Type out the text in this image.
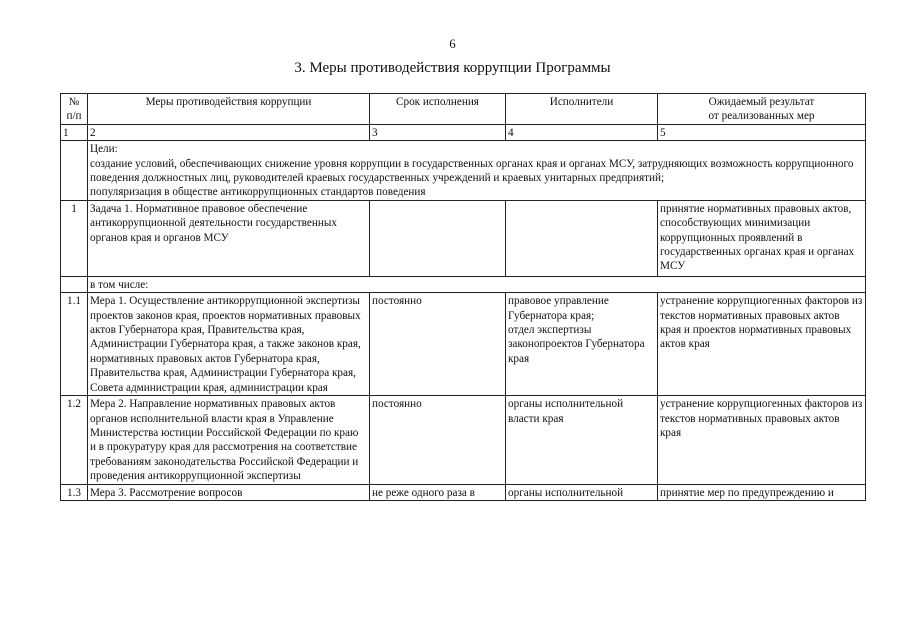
6
3. Меры противодействия коррупции Программы
№
п/п	Меры противодействия коррупции	Срок исполнения	Исполнители	Ожидаемый результат
от реализованных мер
1	2	3	4	5
	Цели:
создание условий, обеспечивающих снижение уровня коррупции в государственных органах края и органах МСУ, затрудняющих возможность коррупционного поведения должностных лиц, руководителей краевых государственных учреждений и краевых унитарных предприятий;
популяризация в обществе антикоррупционных стандартов поведения			
1	Задача 1. Нормативное правовое обеспечение антикоррупционной деятельности государственных органов края и органов МСУ			принятие нормативных правовых актов, способствующих минимизации коррупционных проявлений в государственных органах края и органах МСУ
	в том числе:			
1.1	Мера 1. Осуществление антикоррупционной экспертизы проектов законов края, проектов нормативных правовых актов Губернатора края, Правительства края, Администрации Губернатора края, а также законов края, нормативных правовых актов Губернатора края, Правительства края, Администрации Губернатора края, Совета администрации края, администрации края	постоянно	правовое управление Губернатора края;
отдел экспертизы законопроектов Губернатора края	устранение коррупциогенных факторов из текстов нормативных правовых актов края и проектов нормативных правовых актов края
1.2	Мера 2. Направление нормативных правовых актов органов исполнительной власти края в Управление Министерства юстиции Российской Федерации по краю и в прокуратуру края для рассмотрения на соответствие требованиям законодательства Российской Федерации и проведения антикоррупционной экспертизы	постоянно	органы исполнительной власти края	устранение коррупциогенных факторов из текстов нормативных правовых актов края
1.3	Мера 3. Рассмотрение вопросов	не реже одного раза в	органы исполнительной	принятие мер по предупреждению и
